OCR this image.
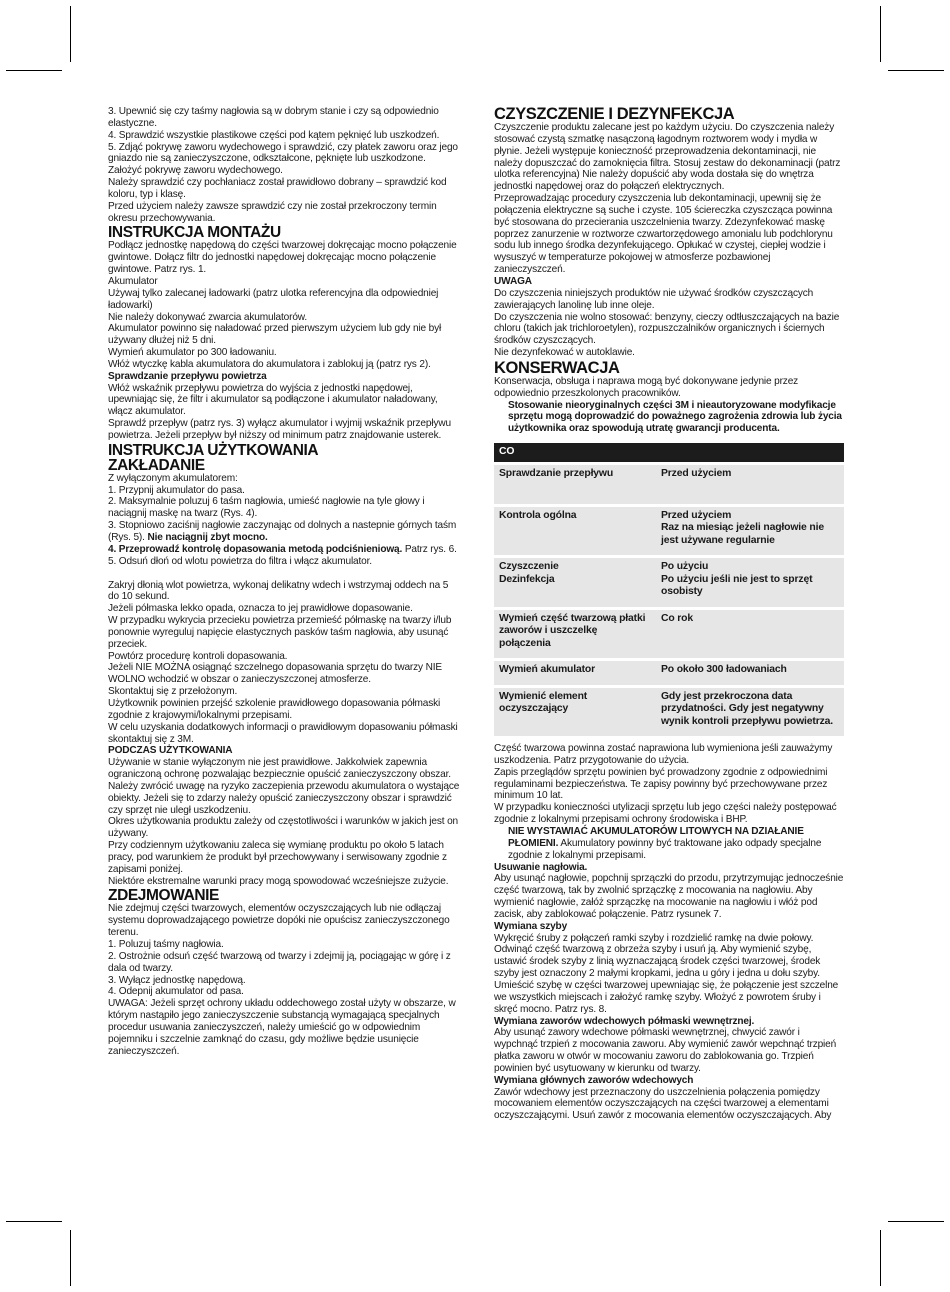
3. Upewnić się czy taśmy nagłowia są w dobrym stanie i czy są odpowiednio elastyczne.

4. Sprawdzić wszystkie plastikowe części pod kątem pęknięć lub uszkodzeń.

5. Zdjąć pokrywę zaworu wydechowego i sprawdzić, czy płatek zaworu oraz jego gniazdo nie są zanieczyszczone, odkształcone, pęknięte lub uszkodzone. Założyć pokrywę zaworu wydechowego.

Należy sprawdzić czy pochłaniacz został prawidłowo dobrany – sprawdzić kod koloru, typ i klasę.

Przed użyciem należy zawsze sprawdzić czy nie został przekroczony termin okresu przechowywania.

INSTRUKCJA MONTAŻU

Podłącz jednostkę napędową do części twarzowej dokręcając mocno połączenie gwintowe. Dołącz filtr do jednostki napędowej dokręcając mocno połączenie gwintowe. Patrz rys. 1.

Akumulator

Używaj tylko zalecanej ładowarki (patrz ulotka referencyjna dla odpowiedniej ładowarki)

Nie należy dokonywać zwarcia akumulatorów.

Akumulator powinno się naładować przed pierwszym użyciem lub gdy nie był używany dłużej niż 5 dni.

Wymień akumulator po 300 ładowaniu.

Włóż wtyczkę kabla akumulatora do akumulatora i zablokuj ją (patrz rys 2).

Sprawdzanie przepływu powietrza

Włóż wskaźnik przepływu powietrza do wyjścia z jednostki napędowej, upewniając się, że filtr i akumulator są podłączone i akumulator naładowany, włącz akumulator.

Sprawdź przepływ (patrz rys. 3) wyłącz akumulator i wyjmij wskaźnik przepływu powietrza. Jeżeli przepływ był niższy od minimum patrz znajdowanie usterek.

INSTRUKCJA UŻYTKOWANIA
ZAKŁADANIE

Z wyłączonym akumulatorem:

1. Przypnij akumulator do pasa.

2. Maksymalnie poluzuj 6 taśm nagłowia, umieść nagłowie na tyle głowy i naciągnij maskę na twarz (Rys. 4).

3. Stopniowo zaciśnij nagłowie zaczynając od dolnych a nastepnie górnych taśm (Rys. 5). Nie naciągnij zbyt mocno.

4. Przeprowadź kontrolę dopasowania metodą podciśnieniową. Patrz rys. 6.

5. Odsuń dłoń od wlotu powietrza do filtra i włącz akumulator.

Zakryj dłonią wlot powietrza, wykonaj delikatny wdech i wstrzymaj oddech na 5 do 10 sekund.

Jeżeli półmaska lekko opada, oznacza to jej prawidłowe dopasowanie.

W przypadku wykrycia przecieku powietrza przemieść półmaskę na twarzy i/lub ponownie wyreguluj napięcie elastycznych pasków taśm nagłowia, aby usunąć przeciek.

Powtórz procedurę kontroli dopasowania.

Jeżeli NIE MOŻNA osiągnąć szczelnego dopasowania sprzętu do twarzy NIE WOLNO wchodzić w obszar o zanieczyszczonej atmosferze.

Skontaktuj się z przełożonym.

Użytkownik powinien przejść szkolenie prawidłowego dopasowania półmaski zgodnie z krajowymi/lokalnymi przepisami.

W celu uzyskania dodatkowych informacji o prawidłowym dopasowaniu półmaski skontaktuj się z 3M.

PODCZAS UŻYTKOWANIA

Używanie w stanie wyłączonym nie jest prawidłowe. Jakkolwiek zapewnia ograniczoną ochronę pozwalając bezpiecznie opuścić zanieczyszczony obszar.

Należy zwrócić uwagę na ryzyko zaczepienia przewodu akumulatora o wystające obiekty. Jeżeli się to zdarzy należy opuścić zanieczyszczony obszar i sprawdzić czy sprzęt nie uległ uszkodzeniu.

Okres użytkowania produktu zależy od częstotliwości i warunków w jakich jest on używany.

Przy codziennym użytkowaniu zaleca się wymianę produktu po około 5 latach pracy, pod warunkiem że produkt był przechowywany i serwisowany zgodnie z zapisami poniżej.

Niektóre ekstremalne warunki pracy mogą spowodować wcześniejsze zużycie.

ZDEJMOWANIE

Nie zdejmuj części twarzowych, elementów oczyszczających lub nie odłączaj systemu doprowadzającego powietrze dopóki nie opuścisz zanieczyszczonego terenu.

1. Poluzuj taśmy nagłowia.

2. Ostrożnie odsuń część twarzową od twarzy i zdejmij ją, pociągając w górę i z dala od twarzy.

3. Wyłącz jednostkę napędową.

4. Odepnij akumulator od pasa.

UWAGA: Jeżeli sprzęt ochrony układu oddechowego został użyty w obszarze, w którym nastąpiło jego zanieczyszczenie substancją wymagającą specjalnych procedur usuwania zanieczyszczeń, należy umieścić go w odpowiednim pojemniku i szczelnie zamknąć do czasu, gdy możliwe będzie usunięcie zanieczyszczeń.

CZYSZCZENIE I DEZYNFEKCJA

Czyszczenie produktu zalecane jest po każdym użyciu. Do czyszczenia należy stosować czystą szmatkę nasączoną łagodnym roztworem wody i mydła w płynie. Jeżeli występuje konieczność przeprowadzenia dekontaminacji, nie należy dopuszczać do zamoknięcia filtra. Stosuj zestaw do dekonaminacji (patrz ulotka referencyjna) Nie należy dopuścić aby woda dostała się do wnętrza jednostki napędowej oraz do połączeń elektrycznych.

Przeprowadzając procedury czyszczenia lub dekontaminacji, upewnij się że połączenia elektryczne są suche i czyste. 105 ściereczka czyszcząca powinna być stosowana do przecierania uszczelnienia twarzy. Zdezynfekować maskę poprzez zanurzenie w roztworze czwartorzędowego amonialu lub podchlorynu sodu lub innego środka dezynfekującego. Opłukać w czystej, ciepłej wodzie i wysuszyć w temperaturze pokojowej w atmosferze pozbawionej zanieczyszczeń.

UWAGA

Do czyszczenia niniejszych produktów nie używać środków czyszczących zawierających lanolinę lub inne oleje.

Do czyszczenia nie wolno stosować: benzyny, cieczy odtłuszczających na bazie chloru (takich jak trichloroetylen), rozpuszczalników organicznych i ściernych środków czyszczących.

Nie dezynfekować w autoklawie.

KONSERWACJA

Konserwacja, obsługa i naprawa mogą być dokonywane jedynie przez odpowiednio przeszkolonych pracowników.

Stosowanie nieoryginalnych części 3M i nieautoryzowane modyfikacje sprzętu mogą doprowadzić do poważnego zagrożenia zdrowia lub życia użytkownika oraz spowodują utratę gwarancji producenta.

CO	
Sprawdzanie przepływu	Przed użyciem
Kontrola ogólna	Przed użyciem
Raz na miesiąc jeżeli nagłowie nie jest używane regularnie
Czyszczenie
Dezinfekcja	Po użyciu
Po użyciu jeśli nie jest to sprzęt osobisty
Wymień część twarzową płatki zaworów i uszczelkę połączenia	Co rok
Wymień akumulator	Po około 300 ładowaniach
Wymienić element oczyszczający	Gdy jest przekroczona data przydatności. Gdy jest negatywny wynik kontroli przepływu powietrza.

Część twarzowa powinna zostać naprawiona lub wymieniona jeśli zauważymy uszkodzenia. Patrz przygotowanie do użycia.

Zapis przeglądów sprzętu powinien być prowadzony zgodnie z odpowiednimi regulaminami bezpieczeństwa. Te zapisy powinny być przechowywane przez minimum 10 lat.

W przypadku konieczności utylizacji sprzętu lub jego części należy postępować zgodnie z lokalnymi przepisami ochrony środowiska i BHP.

NIE WYSTAWIAĆ AKUMULATORÓW LITOWYCH NA DZIAŁANIE PŁOMIENI. Akumulatory powinny być traktowane jako odpady specjalne zgodnie z lokalnymi przepisami.

Usuwanie nagłowia.

Aby usunąć nagłowie, popchnij sprzączki do przodu, przytrzymując jednocześnie część twarzową, tak by zwolnić sprzączkę z mocowania na nagłowiu. Aby wymienić nagłowie, załóż sprzączkę na mocowanie na nagłowiu i włóż pod zacisk, aby zablokować połączenie. Patrz rysunek 7.

Wymiana szyby

Wykręcić śruby z połączeń ramki szyby i rozdzielić ramkę na dwie połowy. Odwinąć część twarzową z obrzeża szyby i usuń ją. Aby wymienić szybę, ustawić środek szyby z linią wyznaczającą środek części twarzowej, środek szyby jest oznaczony 2 małymi kropkami, jedna u góry i jedna u dołu szyby. Umieścić szybę w części twarzowej upewniając się, że połączenie jest szczelne we wszystkich miejscach i założyć ramkę szyby. Włożyć z powrotem śruby i skręć mocno. Patrz rys. 8.

Wymiana zaworów wdechowych półmaski wewnętrznej.

Aby usunąć zawory wdechowe półmaski wewnętrznej, chwycić zawór i wypchnąć trzpień z mocowania zaworu. Aby wymienić zawór wepchnąć trzpień płatka zaworu w otwór w mocowaniu zaworu do zablokowania go. Trzpień powinien być usytuowany w kierunku od twarzy.

Wymiana głównych zaworów wdechowych

Zawór wdechowy jest przeznaczony do uszczelnienia połączenia pomiędzy mocowaniem elementów oczyszczających na części twarzowej a elementami oczyszczającymi. Usuń zawór z mocowania elementów oczyszczających. Aby
